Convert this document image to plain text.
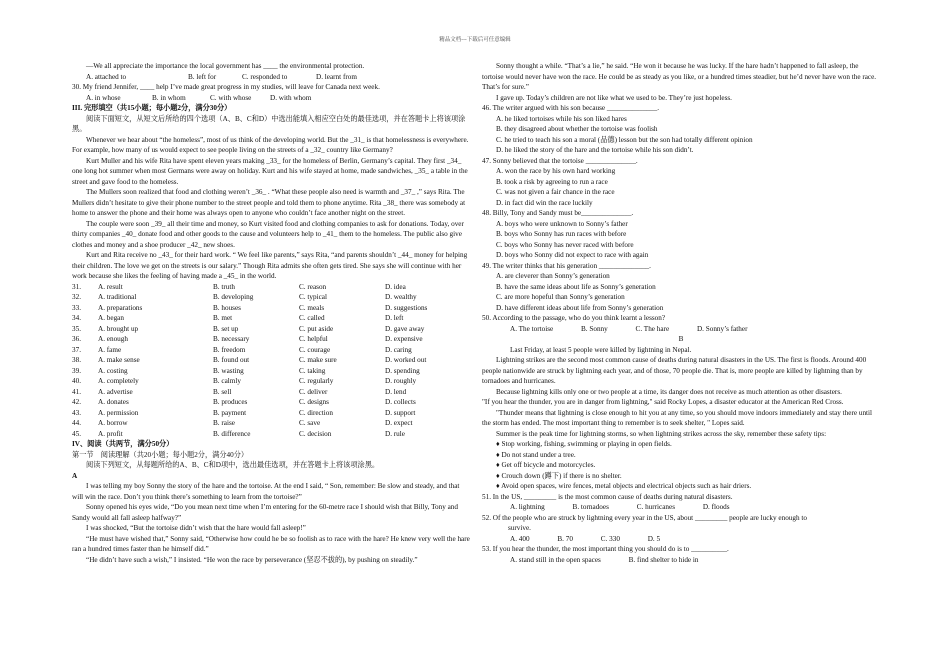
精品文档---下载后可任意编辑

—We all appreciate the importance the local government has ____ the environmental protection.

A. attached to	B. left for	C. responded to	D. learnt from

30. My friend Jennifer, ____ help I’ve made great progress in my studies, will leave for Canada next week.

A. in whose	B. in whom	C. with whose	D. with whom

III. 完形填空（共15小题；每小题2分，满分30分）

阅读下面短文，从短文后所给的四个选项（A、B、C和D）中选出能填入相应空白处的最佳选项，并在答题卡上将该项涂黑。

Whenever we hear about “the homeless”, most of us think of the developing world. But the _31_ is that homelessness is everywhere. For example, how many of us would expect to see people living on the streets of a _32_ country like Germany?

Kurt Muller and his wife Rita have spent eleven years making _33_ for the homeless of Berlin, Germany’s capital. They first _34_ one long hot summer when most Germans were away on holiday. Kurt and his wife stayed at home, made sandwiches, _35_ a table in the street and gave food to the homeless.

The Mullers soon realized that food and clothing weren’t _36_ . “What these people also need is warmth and _37_ ,” says Rita. The Mullers didn’t hesitate to give their phone number to the street people and told them to phone anytime. Rita _38_ there was somebody at home to answer the phone and their home was always open to anyone who couldn’t face another night on the street.

The couple were soon _39_ all their time and money, so Kurt visited food and clothing companies to ask for donations. Today, over thirty companies _40_ donate food and other goods to the cause and volunteers help to _41_ them to the homeless. The public also give clothes and money and a shoe producer _42_ new shoes.

Kurt and Rita receive no _43_ for their hard work. “ We feel like parents,” says Rita, “and parents shouldn’t _44_ money for helping their children. The love we get on the streets is our salary.” Though Rita admits she often gets tired. She says she will continue with her work because she likes the feeling of having made a _45_ in the world.

31.	A. result	B. truth	C. reason	D. idea
32.	A. traditional	B. developing	C. typical	D. wealthy
33.	A. preparations	B. houses	C. meals	D. suggestions
34.	A. began	B. met	C. called	D. left
35.	A. brought up	B. set up	C. put aside	D. gave away
36.	A. enough	B. necessary	C. helpful	D. expensive
37.	A. fame	B. freedom	C. courage	D. caring
38.	A. make sense	B. found out	C. make sure	D. worked out
39.	A. costing	B. wasting	C. taking	D. spending
40.	A. completely	B. calmly	C. regularly	D. roughly
41.	A. advertise	B. sell	C. deliver	D. lend
42.	A. donates	B. produces	C. designs	D. collects
43.	A. permission	B. payment	C. direction	D. support
44.	A. borrow	B. raise	C. save	D. expect
45.	A. profit	B. difference	C. decision	D. rule

IV、阅读（共两节，满分50分）

第一节　阅读理解（共20小题；每小题2分，满分40分）

阅读下列短文，从每题所给的A、B、C和D项中，选出最佳选项，并在答题卡上将该项涂黑。

A

I was telling my boy Sonny the story of the hare and the tortoise. At the end I said, “ Son, remember: Be slow and steady, and that will win the race. Don’t you think there’s something to learn from the tortoise?”

Sonny opened his eyes wide, “Do you mean next time when I’m entering for the 60-metre race I should wish that Billy, Tony and Sandy would all fall asleep halfway?”

I was shocked, “But the tortoise didn’t wish that the hare would fall asleep!”

“He must have wished that,” Sonny said, “Otherwise how could he be so foolish as to race with the hare? He knew very well the hare ran a hundred times faster than he himself did.”

“He didn’t have such a wish,” I insisted. “He won the race by perseverance (坚忍不拔的), by pushing on steadily.”

Sonny thought a while. “That’s a lie,” he said. “He won it because he was lucky. If the hare hadn’t happened to fall asleep, the tortoise would never have won the race. He could be as steady as you like, or a hundred times steadier, but he’d never have won the race. That’s for sure.”

I gave up. Today’s children are not like what we used to be. They’re just hopeless.

46. The writer argued with his son because ______________.

A. he liked tortoises while his son liked hares

B. they disagreed about whether the tortoise was foolish

C. he tried to teach his son a moral (品德) lesson but the son had totally different opinion

D. he liked the story of the hare and the tortoise while his son didn’t.

47. Sonny believed that the tortoise ______________.

A. won the race by his own hard working

B. took a risk by agreeing to run a race

C. was not given a fair chance in the race

D. in fact did win the race luckily

48. Billy, Tony and Sandy must be______________.

A. boys who were unknown to Sonny’s father

B. boys who Sonny has run races with before

C. boys who Sonny has never raced with before

D. boys who Sonny did not expect to race with again

49. The writer thinks that his generation ______________.

A. are cleverer than Sonny’s generation

B. have the same ideas about life as Sonny’s generation

C. are more hopeful than Sonny’s generation

D. have different ideas about life from Sonny’s generation

50. According to the passage, who do you think learnt a lesson?

A. The tortoise	B. Sonny	C. The hare	D. Sonny’s father

B

Last Friday, at least 5 people were killed by lightning in Nepal.

Lightning strikes are the second most common cause of deaths during natural disasters in the US. The first is floods. Around 400 people nationwide are struck by lightning each year, and of those, 70 people die. That is, more people are killed by lightning than by tornadoes and hurricanes.

Because lightning kills only one or two people at a time, its danger does not receive as much attention as other disasters.

"If you hear the thunder, you are in danger from lightning," said Rocky Lopes, a disaster educator at the American Red Cross.

"Thunder means that lightning is close enough to hit you at any time, so you should move indoors immediately and stay there until the storm has ended. The most important thing to remember is to seek shelter, " Lopes said.

Summer is the peak time for lightning storms, so when lightning strikes across the sky, remember these safety tips:

♦ Stop working, fishing, swimming or playing in open fields.

♦ Do not stand under a tree.

♦ Get off bicycle and motorcycles.

♦ Crouch down (蹲下) if there is no shelter.

♦ Avoid open spaces, wire fences, metal objects and electrical objects such as hair driers.

51. In the US, _________ is the most common cause of deaths during natural disasters.

A. lightning	B. tornadoes	C. hurricanes	D. floods

52. Of the people who are struck by lightning every year in the US, about _________ people are lucky enough to

survive.

A. 400	B. 70	C. 330	D. 5

53. If you hear the thunder, the most important thing you should do is to __________.

A. stand still in the open spaces	B. find shelter to hide in
